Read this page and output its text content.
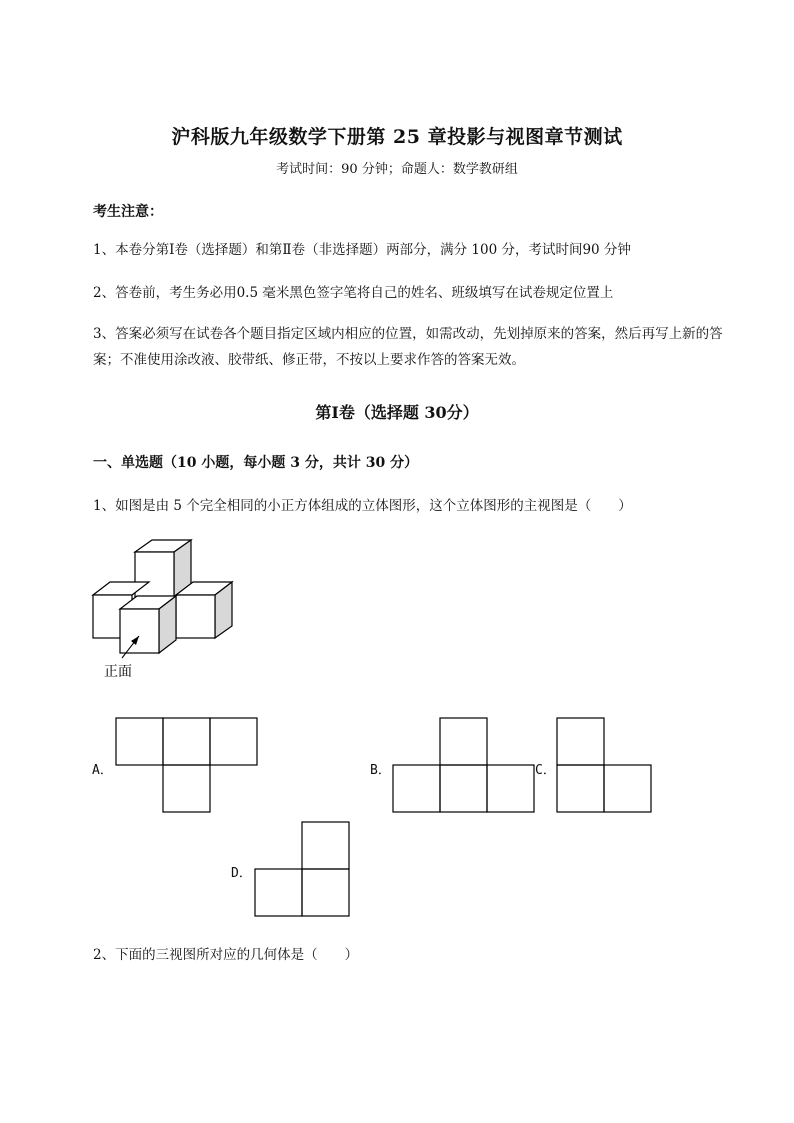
沪科版九年级数学下册第 25 章投影与视图章节测试
考试时间：90 分钟；命题人：数学教研组
考生注意：
1、本卷分第Ⅰ卷（选择题）和第Ⅱ卷（非选择题）两部分，满分 100 分，考试时间90 分钟
2、答卷前，考生务必用0.5 毫米黑色签字笔将自己的姓名、班级填写在试卷规定位置上
3、答案必须写在试卷各个题目指定区域内相应的位置，如需改动，先划掉原来的答案，然后再写上新的答案；不准使用涂改液、胶带纸、修正带，不按以上要求作答的答案无效。
第Ⅰ卷（选择题 30分）
一、单选题（10 小题，每小题 3 分，共计 30 分）
1、如图是由 5 个完全相同的小正方体组成的立体图形，这个立体图形的主视图是（　　）
正面
A．	B．	C．
D．
2、下面的三视图所对应的几何体是（　　）
